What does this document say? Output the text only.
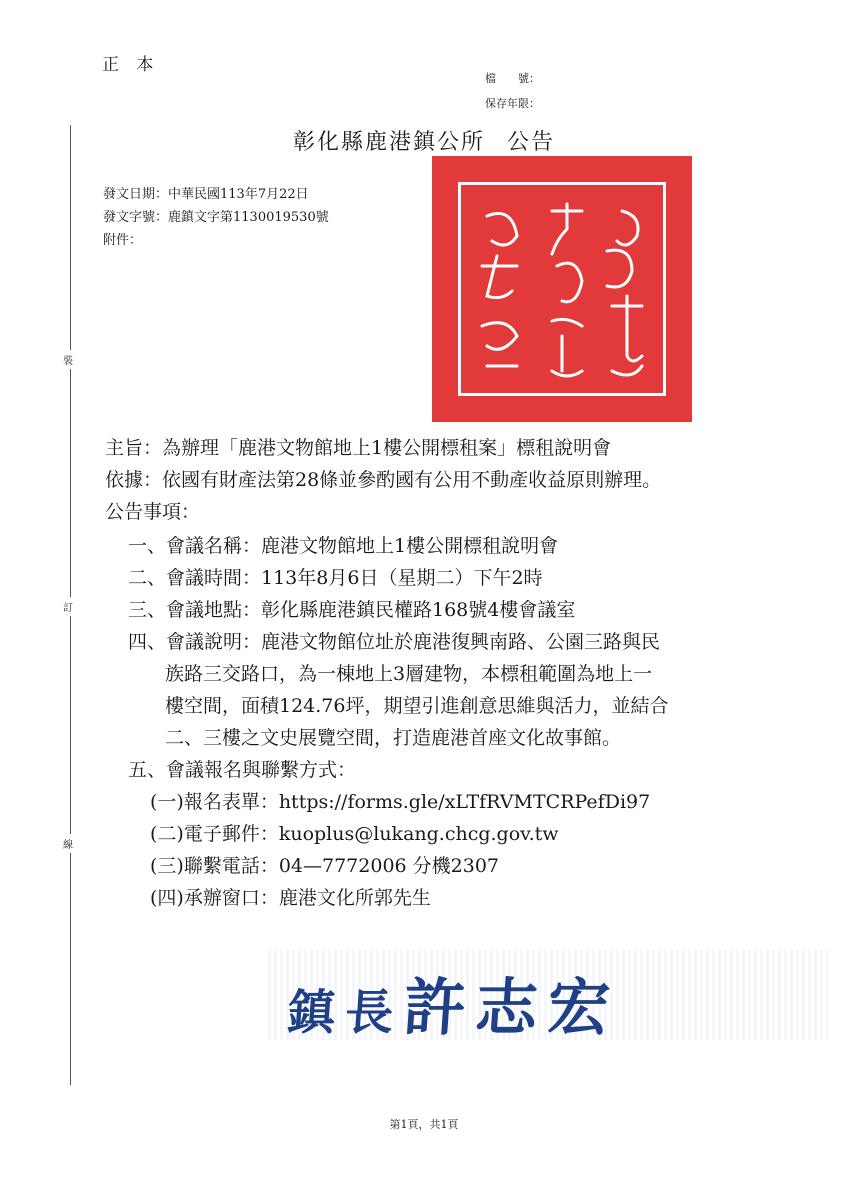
正 本
檔　　號：
保存年限：
裝
訂
線
彰化縣鹿港鎮公所 公告
發文日期：中華民國113年7月22日
發文字號：鹿鎮文字第1130019530號
附件：
主旨：為辦理「鹿港文物館地上1樓公開標租案」標租說明會
依據：依國有財產法第28條並參酌國有公用不動產收益原則辦理。
公告事項：
一、會議名稱：鹿港文物館地上1樓公開標租說明會
二、會議時間：113年8月6日（星期二）下午2時
三、會議地點：彰化縣鹿港鎮民權路168號4樓會議室
四、會議說明：鹿港文物館位址於鹿港復興南路、公園三路與民
族路三交路口，為一棟地上3層建物，本標租範圍為地上一
樓空間，面積124.76坪，期望引進創意思維與活力，並結合
二、三樓之文史展覽空間，打造鹿港首座文化故事館。
五、會議報名與聯繫方式：
(一)報名表單：https://forms.gle/xLTfRVMTCRPefDi97
(二)電子郵件：kuoplus@lukang.chcg.gov.tw
(三)聯繫電話：04—7772006 分機2307
(四)承辦窗口：鹿港文化所郭先生
鎮長許志宏
第1頁，共1頁
